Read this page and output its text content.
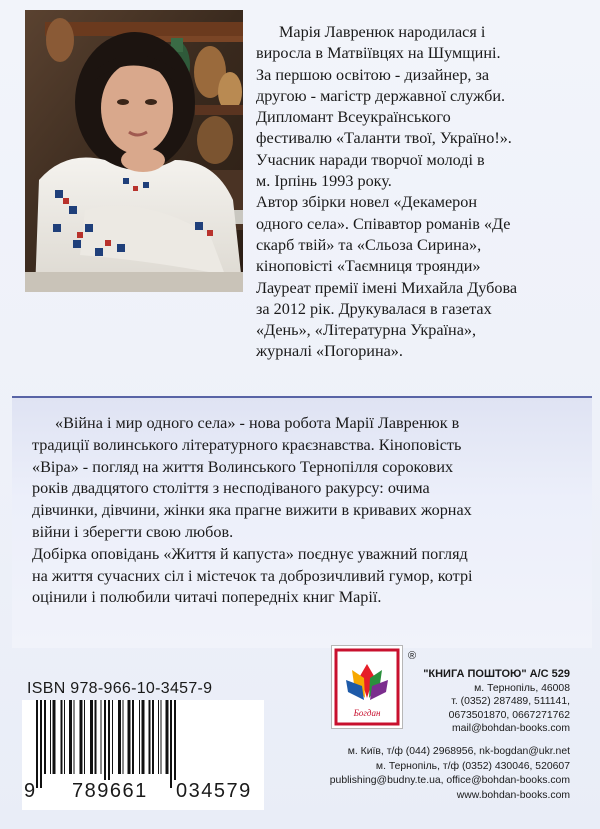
Марія Лавренюк народилася і

виросла в Матвіївцях на Шумщині.

За першою освітою - дизайнер, за

другою - магістр державної служби.

Дипломант Всеукраїнського

фестивалю «Таланти твої, Україно!».

Учасник наради творчої молоді в

м. Ірпінь 1993 року.

Автор збірки новел «Декамерон

одного села». Співавтор романів «Де

скарб твій» та «Сльоза Сирина»,

кіноповісті «Таємниця троянди»

Лауреат премії імені Михайла Дубова

за 2012 рік. Друкувалася в газетах

«День», «Літературна Україна»,

журналі «Погорина».

«Війна і мир одного села» - нова робота Марії Лавренюк в

традиції волинського літературного краєзнавства. Кіноповість

«Віра» - погляд на життя Волинського Тернопілля сорокових

років двадцятого століття з несподіваного ракурсу: очима

дівчинки, дівчини, жінки яка прагне вижити в кривавих жорнах

війни і зберегти свою любов.

Добірка оповідань «Життя й капуста» поєднує уважний погляд

на життя сучасних сіл і містечок та доброзичливий гумор, котрі

оцінили і полюбили читачі попередніх книг Марії.

ISBN 978-966-10-3457-9
9 789661 034579
Богдан
®
"КНИГА ПОШТОЮ" А/С 529
м. Тернопіль, 46008
т. (0352) 287489, 511141,
0673501870, 0667271762
mail@bohdan-books.com
м. Київ, т/ф (044) 2968956, nk-bogdan@ukr.net
м. Тернопіль, т/ф (0352) 430046, 520607
publishing@budny.te.ua, office@bohdan-books.com
www.bohdan-books.com
